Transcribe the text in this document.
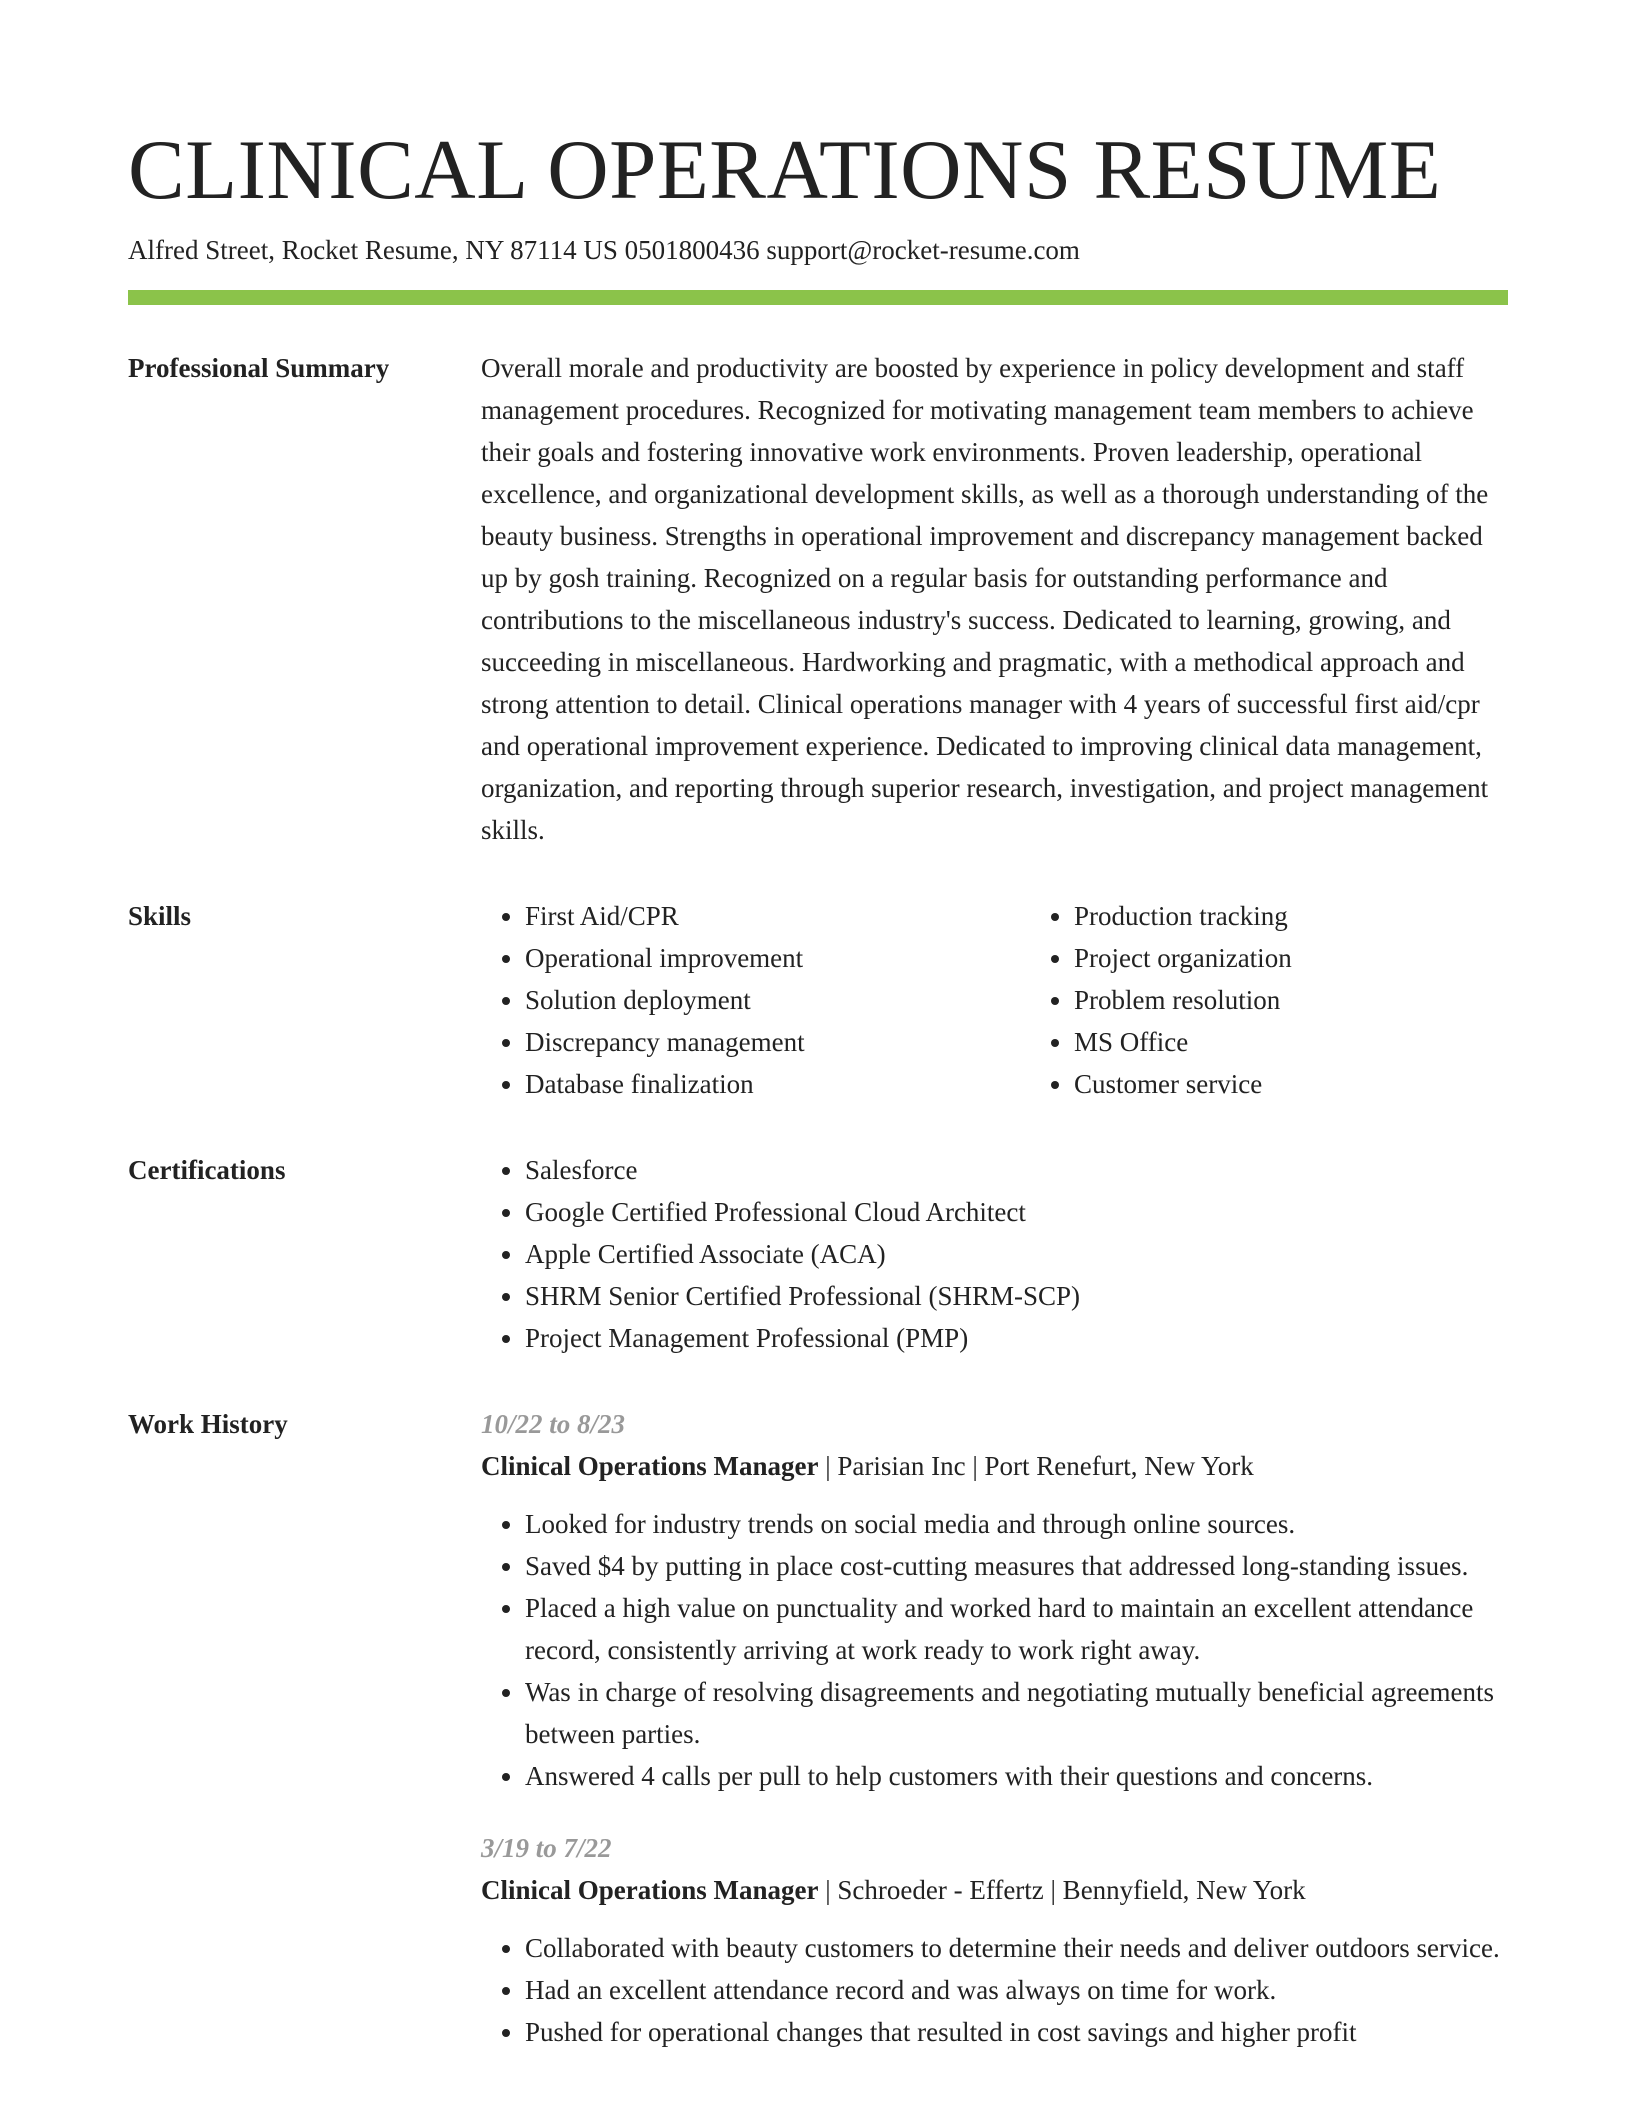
CLINICAL OPERATIONS RESUME
Alfred Street, Rocket Resume, NY 87114 US 0501800436 support@rocket-resume.com
Professional Summary	Overall morale and productivity are boosted by experience in policy development and staff management procedures. Recognized for motivating management team members to achieve their goals and fostering innovative work environments. Proven leadership, operational excellence, and organizational development skills, as well as a thorough understanding of the beauty business. Strengths in operational improvement and discrepancy management backed up by gosh training. Recognized on a regular basis for outstanding performance and contributions to the miscellaneous industry's success. Dedicated to learning, growing, and succeeding in miscellaneous. Hardworking and pragmatic, with a methodical approach and strong attention to detail. Clinical operations manager with 4 years of successful first aid/cpr and operational improvement experience. Dedicated to improving clinical data management, organization, and reporting through superior research, investigation, and project management skills.

Skills	• First Aid/CPR
• Operational improvement
• Solution deployment
• Discrepancy management
• Database finalization
• Production tracking
• Project organization
• Problem resolution
• MS Office
• Customer service
Certifications	• Salesforce
• Google Certified Professional Cloud Architect
• Apple Certified Associate (ACA)
• SHRM Senior Certified Professional (SHRM-SCP)
• Project Management Professional (PMP)
Work History	10/22 to 8/23
Clinical Operations Manager | Parisian Inc | Port Renefurt, New York
• Looked for industry trends on social media and through online sources.
• Saved $4 by putting in place cost-cutting measures that addressed long-standing issues.
• Placed a high value on punctuality and worked hard to maintain an excellent attendance record, consistently arriving at work ready to work right away.
• Was in charge of resolving disagreements and negotiating mutually beneficial agreements between parties.
• Answered 4 calls per pull to help customers with their questions and concerns.
3/19 to 7/22
Clinical Operations Manager | Schroeder - Effertz | Bennyfield, New York
• Collaborated with beauty customers to determine their needs and deliver outdoors service.
• Had an excellent attendance record and was always on time for work.
• Pushed for operational changes that resulted in cost savings and higher profit
